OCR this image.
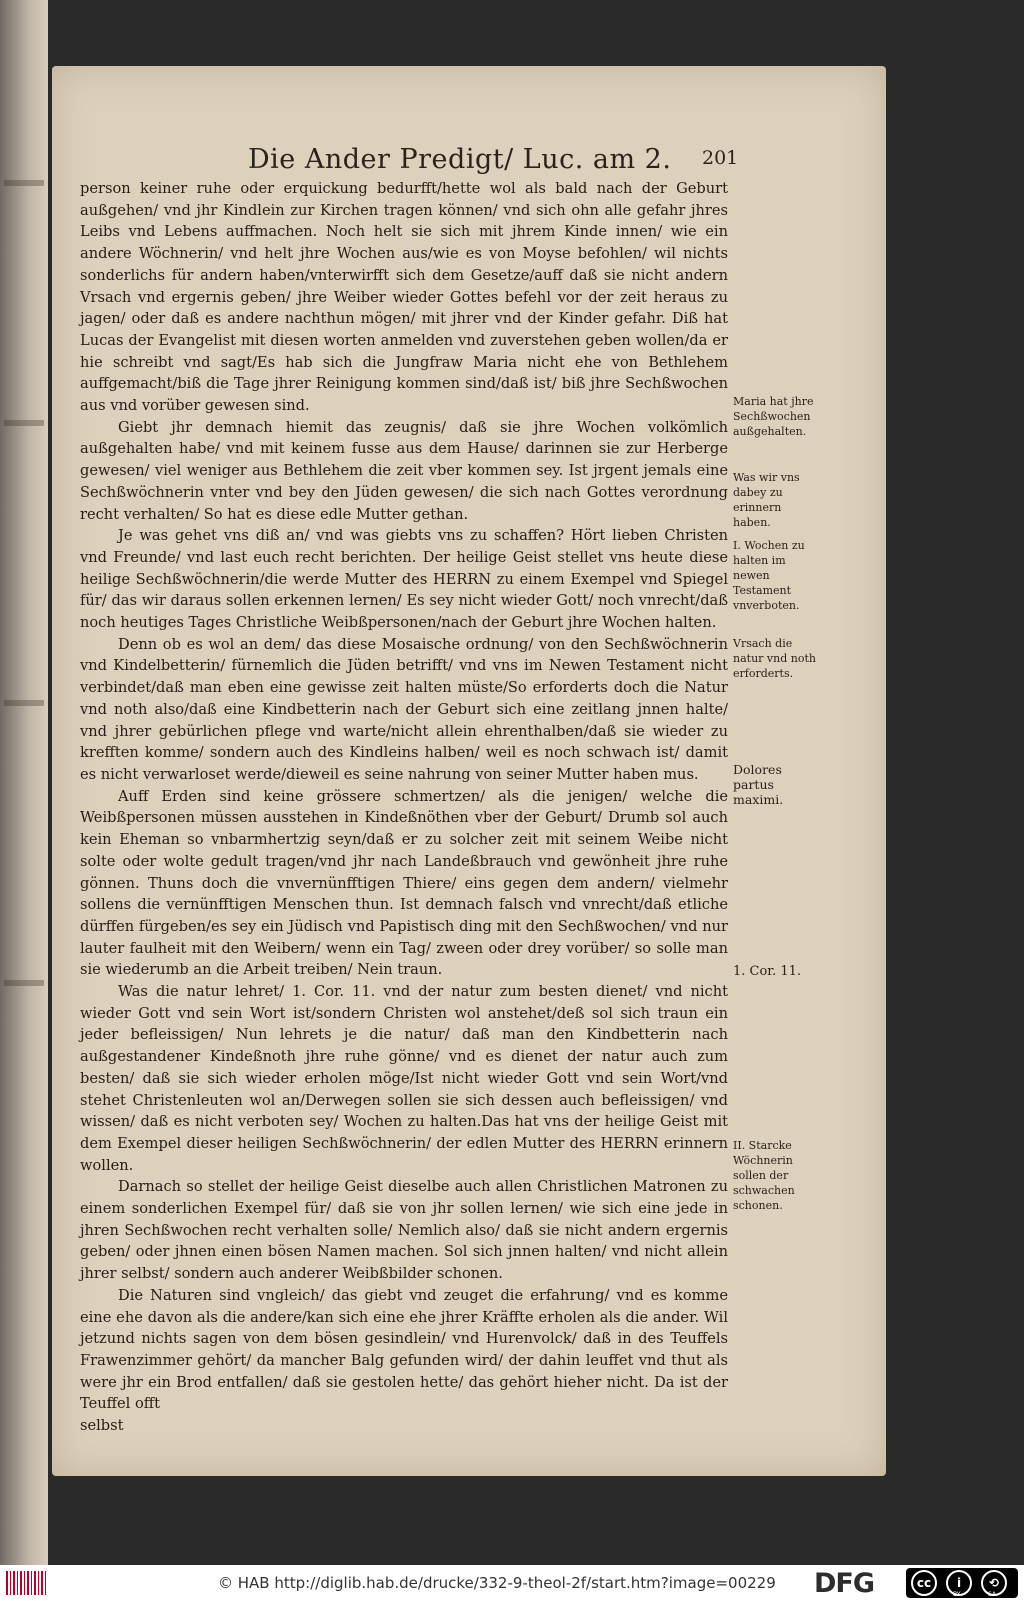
Die Ander Predigt/ Luc. am 2. 201

person keiner ruhe oder erquickung bedurfft/hette wol als bald nach der Geburt außgehen/ vnd jhr Kindlein zur Kirchen tragen können/ vnd sich ohn alle gefahr jhres Leibs vnd Lebens auffmachen. Noch helt sie sich mit jhrem Kinde innen/ wie ein andere Wöchnerin/ vnd helt jhre Wochen aus/wie es von Moyse befohlen/ wil nichts sonderlichs für andern haben/vnterwirfft sich dem Gesetze/auff daß sie nicht andern Vrsach vnd ergernis geben/ jhre Weiber wieder Gottes befehl vor der zeit heraus zu jagen/ oder daß es andere nachthun mögen/ mit jhrer vnd der Kinder gefahr. Diß hat Lucas der Evangelist mit diesen worten anmelden vnd zuverstehen geben wollen/da er hie schreibt vnd sagt/Es hab sich die Jungfraw Maria nicht ehe von Bethlehem auffgemacht/biß die Tage jhrer Reinigung kommen sind/daß ist/ biß jhre Sechßwochen aus vnd vorüber gewesen sind.

Giebt jhr demnach hiemit das zeugnis/ daß sie jhre Wochen volkömlich außgehalten habe/ vnd mit keinem fusse aus dem Hause/ darinnen sie zur Herberge gewesen/ viel weniger aus Bethlehem die zeit vber kommen sey. Ist jrgent jemals eine Sechßwöchnerin vnter vnd bey den Jüden gewesen/ die sich nach Gottes verordnung recht verhalten/ So hat es diese edle Mutter gethan.

Je was gehet vns diß an/ vnd was giebts vns zu schaffen? Hört lieben Christen vnd Freunde/ vnd last euch recht berichten. Der heilige Geist stellet vns heute diese heilige Sechßwöchnerin/die werde Mutter des HERRN zu einem Exempel vnd Spiegel für/ das wir daraus sollen erkennen lernen/ Es sey nicht wieder Gott/ noch vnrecht/daß noch heutiges Tages Christliche Weibßpersonen/nach der Geburt jhre Wochen halten.

Denn ob es wol an dem/ das diese Mosaische ordnung/ von den Sechßwöchnerin vnd Kindelbetterin/ fürnemlich die Jüden betrifft/ vnd vns im Newen Testament nicht verbindet/daß man eben eine gewisse zeit halten müste/So erforderts doch die Natur vnd noth also/daß eine Kindbetterin nach der Geburt sich eine zeitlang jnnen halte/ vnd jhrer gebürlichen pflege vnd warte/nicht allein ehrenthalben/daß sie wieder zu krefften komme/ sondern auch des Kindleins halben/ weil es noch schwach ist/ damit es nicht verwarloset werde/dieweil es seine nahrung von seiner Mutter haben mus.

Auff Erden sind keine grössere schmertzen/ als die jenigen/ welche die Weibßpersonen müssen ausstehen in Kindeßnöthen vber der Geburt/ Drumb sol auch kein Eheman so vnbarmhertzig seyn/daß er zu solcher zeit mit seinem Weibe nicht solte oder wolte gedult tragen/vnd jhr nach Landeßbrauch vnd gewönheit jhre ruhe gönnen. Thuns doch die vnvernünfftigen Thiere/ eins gegen dem andern/ vielmehr sollens die vernünfftigen Menschen thun. Ist demnach falsch vnd vnrecht/daß etliche dürffen fürgeben/es sey ein Jüdisch vnd Papistisch ding mit den Sechßwochen/ vnd nur lauter faulheit mit den Weibern/ wenn ein Tag/ zween oder drey vorüber/ so solle man sie wiederumb an die Arbeit treiben/ Nein traun.

Was die natur lehret/ 1. Cor. 11. vnd der natur zum besten dienet/ vnd nicht wieder Gott vnd sein Wort ist/sondern Christen wol anstehet/deß sol sich traun ein jeder befleissigen/ Nun lehrets je die natur/ daß man den Kindbetterin nach außgestandener Kindeßnoth jhre ruhe gönne/ vnd es dienet der natur auch zum besten/ daß sie sich wieder erholen möge/Ist nicht wieder Gott vnd sein Wort/vnd stehet Christenleuten wol an/Derwegen sollen sie sich dessen auch befleissigen/ vnd wissen/ daß es nicht verboten sey/ Wochen zu halten.Das hat vns der heilige Geist mit dem Exempel dieser heiligen Sechßwöchnerin/ der edlen Mutter des HERRN erinnern wollen.

Darnach so stellet der heilige Geist dieselbe auch allen Christlichen Matronen zu einem sonderlichen Exempel für/ daß sie von jhr sollen lernen/ wie sich eine jede in jhren Sechßwochen recht verhalten solle/ Nemlich also/ daß sie nicht andern ergernis geben/ oder jhnen einen bösen Namen machen. Sol sich jnnen halten/ vnd nicht allein jhrer selbst/ sondern auch anderer Weibßbilder schonen.

Die Naturen sind vngleich/ das giebt vnd zeuget die erfahrung/ vnd es komme eine ehe davon als die andere/kan sich eine ehe jhrer Kräffte erholen als die ander. Wil jetzund nichts sagen von dem bösen gesindlein/ vnd Hurenvolck/ daß in des Teuffels Frawenzimmer gehört/ da mancher Balg gefunden wird/ der dahin leuffet vnd thut als were jhr ein Brod entfallen/ daß sie gestolen hette/ das gehört hieher nicht. Da ist der Teuffel offt

selbst

Maria hat jhre Sechßwochen außgehalten.
Was wir vns dabey zu erinnern haben.
I. Wochen zu halten im newen Testament vnverboten.
Vrsach die natur vnd noth erforderts.
Dolores partus maximi.
1. Cor. 11.
II. Starcke Wöchnerin sollen der schwachen schonen.
© HAB http://diglib.hab.de/drucke/332-9-theol-2f/start.htm?image=00229 DFG	cc	i	⟲
BY	SA
